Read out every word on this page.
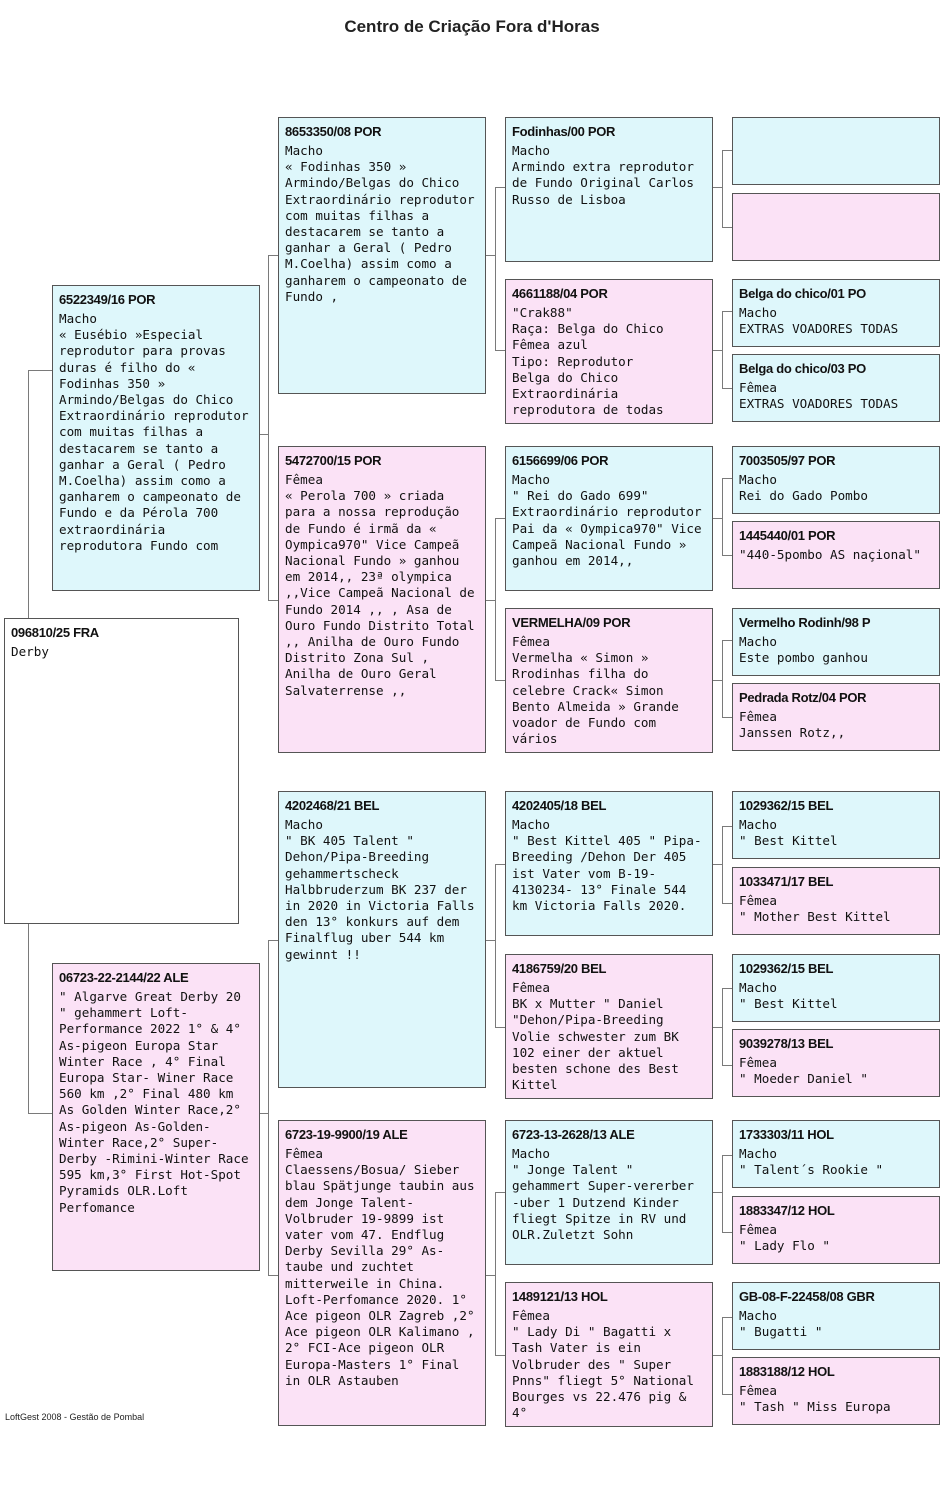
Centro de Criação Fora d'Horas
096810/25 FRA
Derby
6522349/16 POR
Macho
« Eusébio »Especial reprodutor para provas duras é filho do « Fodinhas 350 » Armindo/Belgas do Chico Extraordinário reprodutor com muitas filhas a destacarem se tanto a ganhar a Geral ( Pedro M.Coelha) assim como a ganharem o campeonato de Fundo e da Pérola 700 extraordinária reprodutora Fundo com
06723-22-2144/22 ALE
" Algarve Great Derby 20 " gehammert Loft-Performance 2022 1° & 4° As-pigeon Europa Star Winter Race , 4° Final Europa Star- Winer Race 560 km ,2° Final 480 km As Golden Winter Race,2° As-pigeon As-Golden-Winter Race,2° Super-Derby -Rimini-Winter Race 595 km,3° First Hot-Spot Pyramids OLR.Loft Perfomance
8653350/08 POR
Macho
« Fodinhas 350 » Armindo/Belgas do Chico Extraordinário reprodutor com muitas filhas a destacarem se tanto a ganhar a Geral ( Pedro M.Coelha) assim como a ganharem o campeonato de Fundo ,
5472700/15 POR
Fêmea
« Perola 700 » criada para a nossa reprodução de Fundo é irmã da « Oympica970" Vice Campeã Nacional Fundo » ganhou em 2014,, 23ª olympica ,,Vice Campeã Nacional de Fundo 2014 ,, , Asa de Ouro Fundo Distrito Total ,, Anilha de Ouro Fundo Distrito Zona Sul , Anilha de Ouro Geral Salvaterrense ,,
4202468/21 BEL
Macho
" BK 405 Talent " Dehon/Pipa-Breeding gehammertscheck Halbbruderzum BK 237 der in 2020 in Victoria Falls den 13° konkurs auf dem Finalflug uber 544 km gewinnt !!
6723-19-9900/19 ALE
Fêmea
Claessens/Bosua/ Sieber blau Spätjunge taubin aus dem Jonge Talent-Volbruder 19-9899 ist vater vom 47. Endflug Derby Sevilla 29° As-taube und zuchtet mitterweile in China. Loft-Perfomance 2020. 1° Ace pigeon OLR Zagreb ,2° Ace pigeon OLR Kalimano , 2° FCI-Ace pigeon OLR Europa-Masters 1° Final in OLR Astauben
Fodinhas/00 POR
Macho
Armindo extra reprodutor de Fundo Original Carlos Russo de Lisboa
4661188/04 POR
"Crak88"
Raça: Belga do Chico
Fêmea azul
Tipo: Reprodutor
Belga do Chico Extraordinária reprodutora de todas
6156699/06 POR
Macho
" Rei do Gado 699" Extraordinário reprodutor Pai da « Oympica970" Vice Campeã Nacional Fundo » ganhou em 2014,,
VERMELHA/09 POR
Fêmea
Vermelha « Simon » Rrodinhas filha do celebre Crack« Simon Bento Almeida » Grande voador de Fundo com vários
4202405/18 BEL
Macho
" Best Kittel 405 " Pipa-Breeding /Dehon Der 405 ist Vater vom B-19-4130234- 13° Finale 544 km Victoria Falls 2020.
4186759/20 BEL
Fêmea
BK x Mutter " Daniel "Dehon/Pipa-Breeding Volie schwester zum BK 102 einer der aktuel besten schone des Best Kittel
6723-13-2628/13 ALE
Macho
" Jonge Talent " gehammert Super-vererber -uber 1 Dutzend Kinder fliegt Spitze in RV und OLR.Zuletzt Sohn
1489121/13 HOL
Fêmea
" Lady Di " Bagatti x Tash Vater is ein Volbruder des " Super Pnns" fliegt 5° National Bourges vs 22.476 pig & 4°
Belga do chico/01 PO
Macho
EXTRAS VOADORES TODAS
Belga do chico/03 PO
Fêmea
EXTRAS VOADORES TODAS
7003505/97 POR
Macho
Rei do Gado Pombo
1445440/01 POR
"440-5pombo AS naçional"
Vermelho Rodinh/98 P
Macho
Este pombo ganhou
Pedrada Rotz/04 POR
Fêmea
Janssen Rotz,,
1029362/15 BEL
Macho
" Best Kittel
1033471/17 BEL
Fêmea
" Mother Best Kittel
1029362/15 BEL
Macho
" Best Kittel
9039278/13 BEL
Fêmea
" Moeder Daniel "
1733303/11 HOL
Macho
" Talent´s Rookie "
1883347/12 HOL
Fêmea
" Lady Flo "
GB-08-F-22458/08 GBR
Macho
" Bugatti "
1883188/12 HOL
Fêmea
" Tash " Miss Europa
LoftGest 2008 - Gestão de Pombal
